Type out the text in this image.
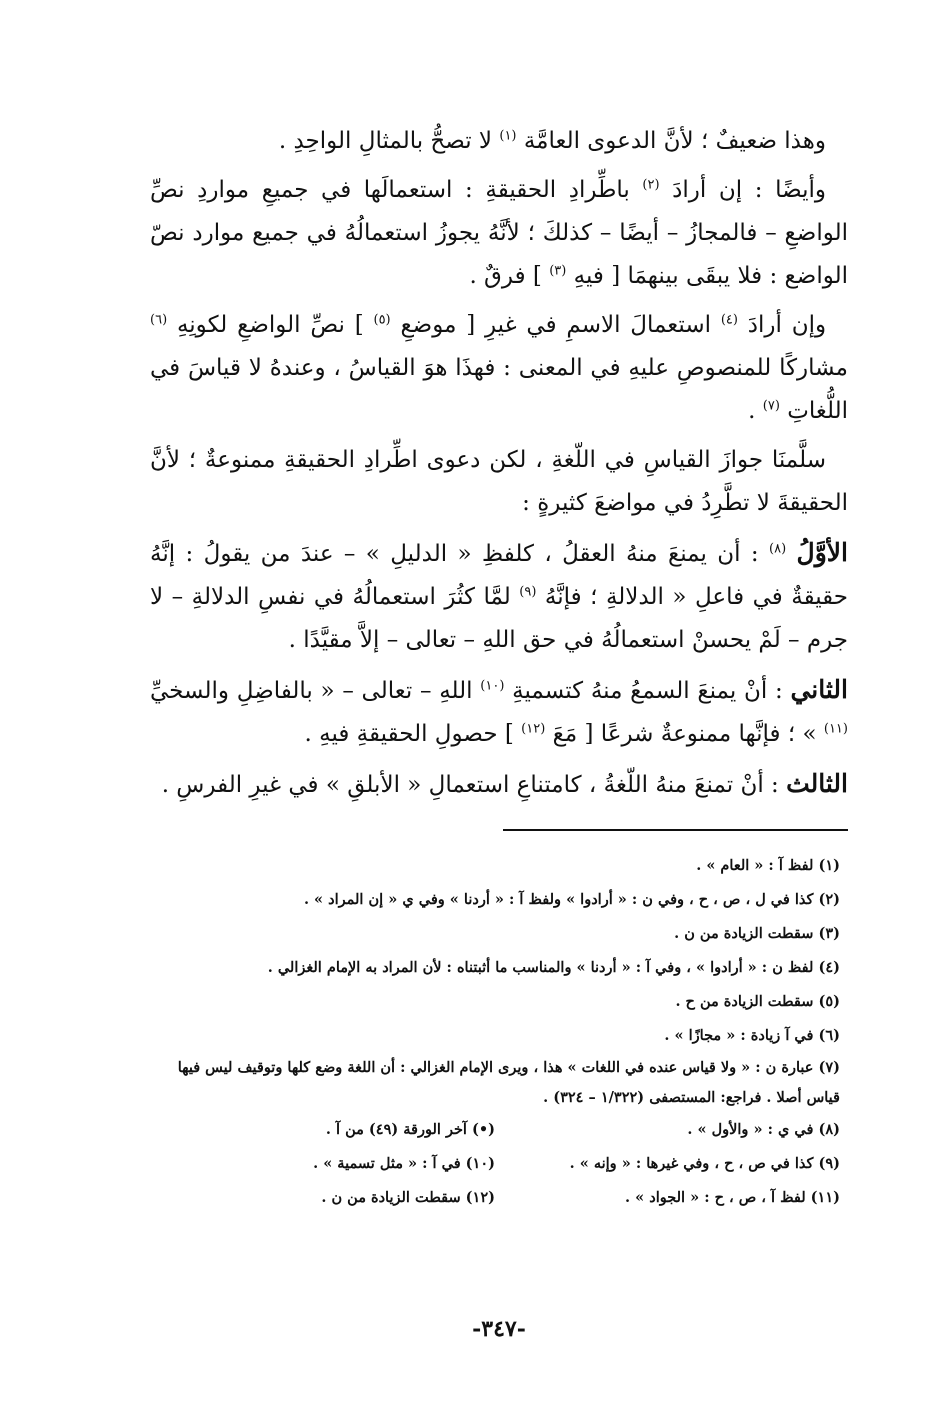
وهذا ضعيفٌ ؛ لأنَّ الدعوى العامَّة $^{(١)}$ لا تصحُّ بالمثالِ الواحِدِ .

وأيضًا : إن أرادَ $^{(٢)}$ باطِّرادِ الحقيقةِ : استعمالَها في جميعِ مواردِ نصِّ الواضعِ – فالمجازُ – أيضًا – كذلكَ ؛ لأنَّهُ يجوزُ استعمالُهُ في جميع موارد نصّ الواضع : فلا يبقَى بينهمَا [ فيهِ $^{(٣)}$ ] فرقٌ .

وإن أرادَ $^{(٤)}$ استعمالَ الاسمِ في غيرِ [ موضعِ $^{(٥)}$ ] نصِّ الواضعِ لكونِهِ $^{(٦)}$ مشاركًا للمنصوصِ عليهِ في المعنى : فهذَا هوَ القياسُ ، وعندهُ لا قياسَ في اللُّغاتِ $^{(٧)}$ .

سلَّمنَا جوازَ القياسِ في اللّغةِ ، لكن دعوى اطِّرادِ الحقيقةِ ممنوعةٌ ؛ لأنَّ الحقيقةَ لا تطَّرِدُ في مواضعَ كثيرةٍ :

الأوَّلُ $^{(٨)}$ : أن يمنعَ منهُ العقلُ ، كلفظِ « الدليلِ » – عندَ من يقولُ : إنَّهُ حقيقةٌ في فاعلِ « الدلالةِ ؛ فإنَّهُ $^{(٩)}$ لمَّا كثُرَ استعمالُهُ في نفسِ الدلالةِ – لا جرم – لَمْ يحسنْ استعمالُهُ في حق اللهِ – تعالى – إلاَّ مقيَّدًا .

الثاني : أنْ يمنعَ السمعُ منهُ كتسميةِ $^{(١٠)}$ اللهِ – تعالى – « بالفاضِلِ والسخيِّ $^{(١١)}$ » ؛ فإنَّها ممنوعةٌ شرعًا [ مَعَ $^{(١٢)}$ ] حصولِ الحقيقةِ فيهِ .

الثالث : أنْ تمنعَ منهُ اللّغةُ ، كامتناعِ استعمالِ « الأبلقِ » في غيرِ الفرسِ .

(١) لفظ آ : « العام » .

(٢) كذا في ل ، ص ، ح ، وفي ن : « أرادوا » ولفظ آ : « أردنا » وفي ي « إن المراد » .

(٣) سقطت الزيادة من ن .

(٤) لفظ ن : « أرادوا » ، وفي آ : « أردنا » والمناسب ما أثبتناه : لأن المراد به الإمام الغزالي .

(٥) سقطت الزيادة من ح .

(٦) في آ زيادة : « مجازًا » .

(٧) عبارة ن : « ولا قياس عنده في اللغات » هذا ، ويرى الإمام الغزالي : أن اللغة وضع كلها وتوقيف ليس فيها قياس أصلا . فراجع: المستصفى (١/٣٢٢ – ٣٢٤) .

(٨) في ي : « والأول » .
(•) آخر الورقة (٤٩) من آ .
(٩) كذا في ص ، ح ، وفي غيرها : « وإنه » .
(١٠) في آ : « مثل تسمية » .
(١١) لفظ آ ، ص ، ح : « الجواد » .
(١٢) سقطت الزيادة من ن .
-٣٤٧-
